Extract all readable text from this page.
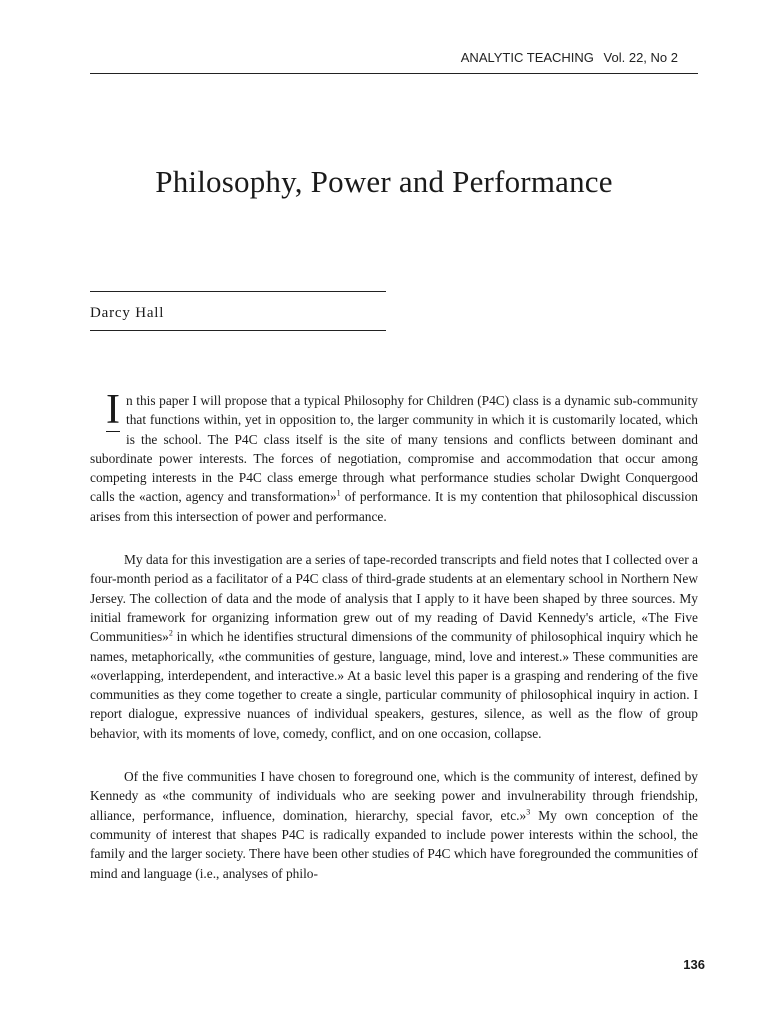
ANALYTIC TEACHING Vol. 22, No 2
Philosophy, Power and Performance
Darcy Hall

I n this paper I will propose that a typical Philosophy for Children (P4C) class is a dynamic sub-community that functions within, yet in opposition to, the larger community in which it is customarily located, which is the school. The P4C class itself is the site of many tensions and conflicts between dominant and subordinate power interests. The forces of negotiation, compromise and accommodation that occur among competing interests in the P4C class emerge through what performance studies scholar Dwight Conquergood calls the «action, agency and transformation»$^1$ of performance. It is my contention that philosophical discussion arises from this intersection of power and performance.

My data for this investigation are a series of tape-recorded transcripts and field notes that I collected over a four-month period as a facilitator of a P4C class of third-grade students at an elementary school in Northern New Jersey. The collection of data and the mode of analysis that I apply to it have been shaped by three sources. My initial framework for organizing information grew out of my reading of David Kennedy's article, «The Five Communities»$^2$ in which he identifies structural dimensions of the community of philosophical inquiry which he names, metaphorically, «the communities of gesture, language, mind, love and interest.» These communities are «overlapping, interdependent, and interactive.» At a basic level this paper is a grasping and rendering of the five communities as they come together to create a single, particular community of philosophical inquiry in action. I report dialogue, expressive nuances of individual speakers, gestures, silence, as well as the flow of group behavior, with its moments of love, comedy, conflict, and on one occasion, collapse.

Of the five communities I have chosen to foreground one, which is the community of interest, defined by Kennedy as «the community of individuals who are seeking power and invulnerability through friendship, alliance, performance, influence, domination, hierarchy, special favor, etc.»$^3$ My own conception of the community of interest that shapes P4C is radically expanded to include power interests within the school, the family and the larger society. There have been other studies of P4C which have foregrounded the communities of mind and language (i.e., analyses of philo-

136
